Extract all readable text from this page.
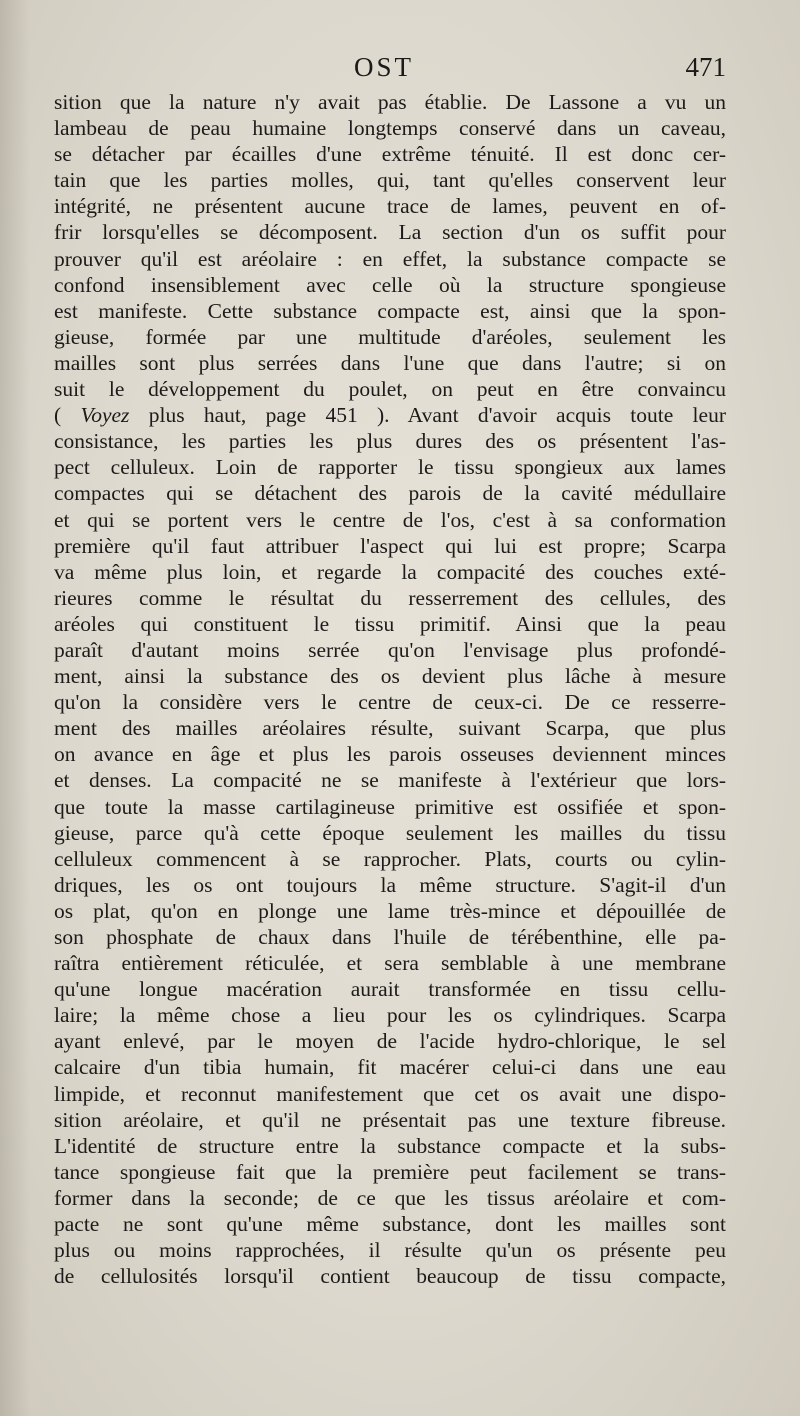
OST	471
sition que la nature n'y avait pas établie. De Lassone a vu un
lambeau de peau humaine longtemps conservé dans un caveau,
se détacher par écailles d'une extrême ténuité. Il est donc cer-
tain que les parties molles, qui, tant qu'elles conservent leur
intégrité, ne présentent aucune trace de lames, peuvent en of-
frir lorsqu'elles se décomposent. La section d'un os suffit pour
prouver qu'il est aréolaire : en effet, la substance compacte se
confond insensiblement avec celle où la structure spongieuse
est manifeste. Cette substance compacte est, ainsi que la spon-
gieuse, formée par une multitude d'aréoles, seulement les
mailles sont plus serrées dans l'une que dans l'autre; si on
suit le développement du poulet, on peut en être convaincu
( Voyez plus haut, page 451 ). Avant d'avoir acquis toute leur
consistance, les parties les plus dures des os présentent l'as-
pect celluleux. Loin de rapporter le tissu spongieux aux lames
compactes qui se détachent des parois de la cavité médullaire
et qui se portent vers le centre de l'os, c'est à sa conformation
première qu'il faut attribuer l'aspect qui lui est propre; Scarpa
va même plus loin, et regarde la compacité des couches exté-
rieures comme le résultat du resserrement des cellules, des
aréoles qui constituent le tissu primitif. Ainsi que la peau
paraît d'autant moins serrée qu'on l'envisage plus profondé-
ment, ainsi la substance des os devient plus lâche à mesure
qu'on la considère vers le centre de ceux-ci. De ce resserre-
ment des mailles aréolaires résulte, suivant Scarpa, que plus
on avance en âge et plus les parois osseuses deviennent minces
et denses. La compacité ne se manifeste à l'extérieur que lors-
que toute la masse cartilagineuse primitive est ossifiée et spon-
gieuse, parce qu'à cette époque seulement les mailles du tissu
celluleux commencent à se rapprocher. Plats, courts ou cylin-
driques, les os ont toujours la même structure. S'agit-il d'un
os plat, qu'on en plonge une lame très-mince et dépouillée de
son phosphate de chaux dans l'huile de térébenthine, elle pa-
raîtra entièrement réticulée, et sera semblable à une membrane
qu'une longue macération aurait transformée en tissu cellu-
laire; la même chose a lieu pour les os cylindriques. Scarpa
ayant enlevé, par le moyen de l'acide hydro-chlorique, le sel
calcaire d'un tibia humain, fit macérer celui-ci dans une eau
limpide, et reconnut manifestement que cet os avait une dispo-
sition aréolaire, et qu'il ne présentait pas une texture fibreuse.
L'identité de structure entre la substance compacte et la subs-
tance spongieuse fait que la première peut facilement se trans-
former dans la seconde; de ce que les tissus aréolaire et com-
pacte ne sont qu'une même substance, dont les mailles sont
plus ou moins rapprochées, il résulte qu'un os présente peu
de cellulosités lorsqu'il contient beaucoup de tissu compacte,
